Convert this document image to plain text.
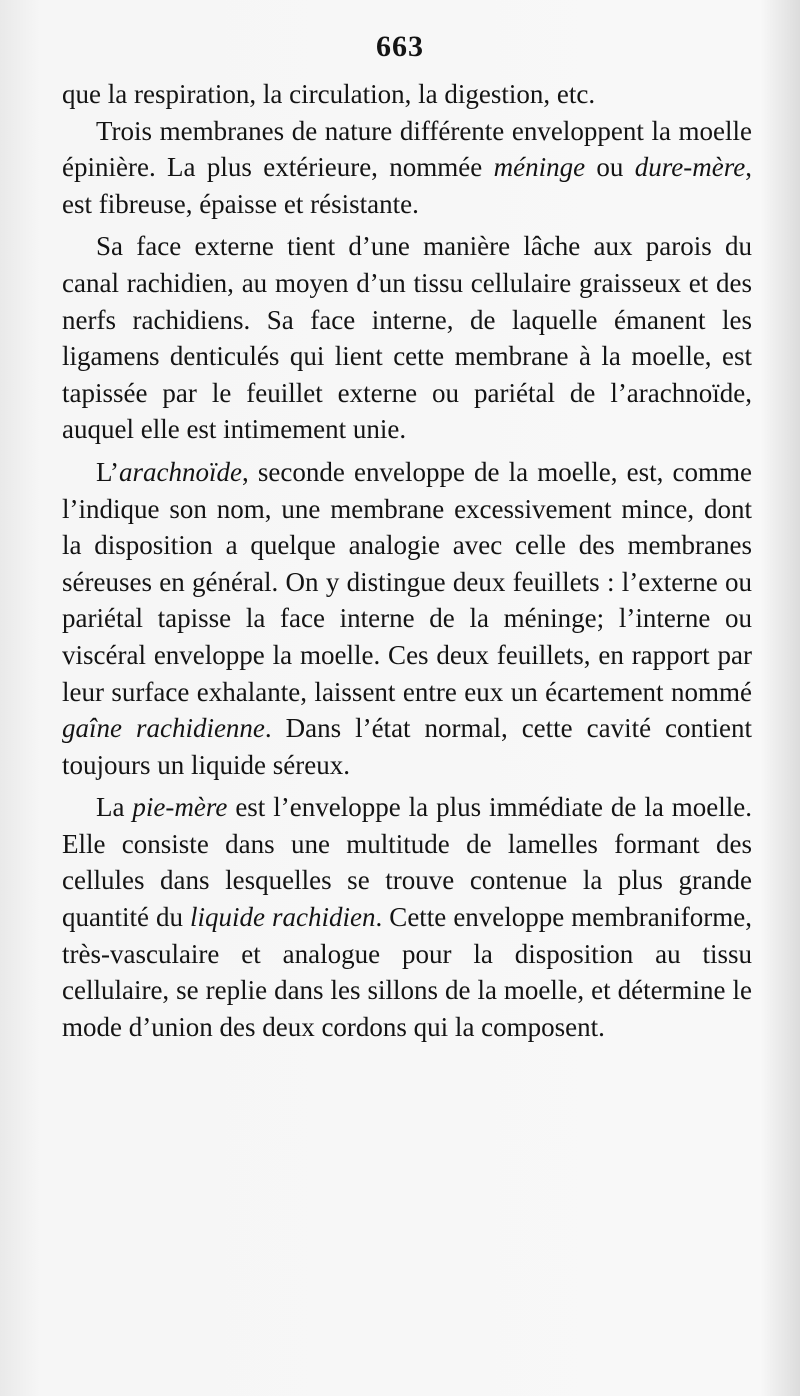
663

que la respiration, la circulation, la digestion, etc.

Trois membranes de nature différente enveloppent la moelle épinière. La plus extérieure, nommée méninge ou dure-mère, est fibreuse, épaisse et résistante.

Sa face externe tient d’une manière lâche aux parois du canal rachidien, au moyen d’un tissu cellulaire graisseux et des nerfs rachidiens. Sa face interne, de laquelle émanent les ligamens denticulés qui lient cette membrane à la moelle, est tapissée par le feuillet externe ou pariétal de l’arachnoïde, auquel elle est intimement unie.

L’arachnoïde, seconde enveloppe de la moelle, est, comme l’indique son nom, une membrane excessivement mince, dont la disposition a quelque analogie avec celle des membranes séreuses en général. On y distingue deux feuillets : l’externe ou pariétal tapisse la face interne de la méninge; l’interne ou viscéral enveloppe la moelle. Ces deux feuillets, en rapport par leur surface exhalante, laissent entre eux un écartement nommé gaîne rachidienne. Dans l’état normal, cette cavité contient toujours un liquide séreux.

La pie-mère est l’enveloppe la plus immédiate de la moelle. Elle consiste dans une multitude de lamelles formant des cellules dans lesquelles se trouve contenue la plus grande quantité du liquide rachidien. Cette enveloppe membraniforme, très-vasculaire et analogue pour la disposition au tissu cellulaire, se replie dans les sillons de la moelle, et détermine le mode d’union des deux cordons qui la composent.
